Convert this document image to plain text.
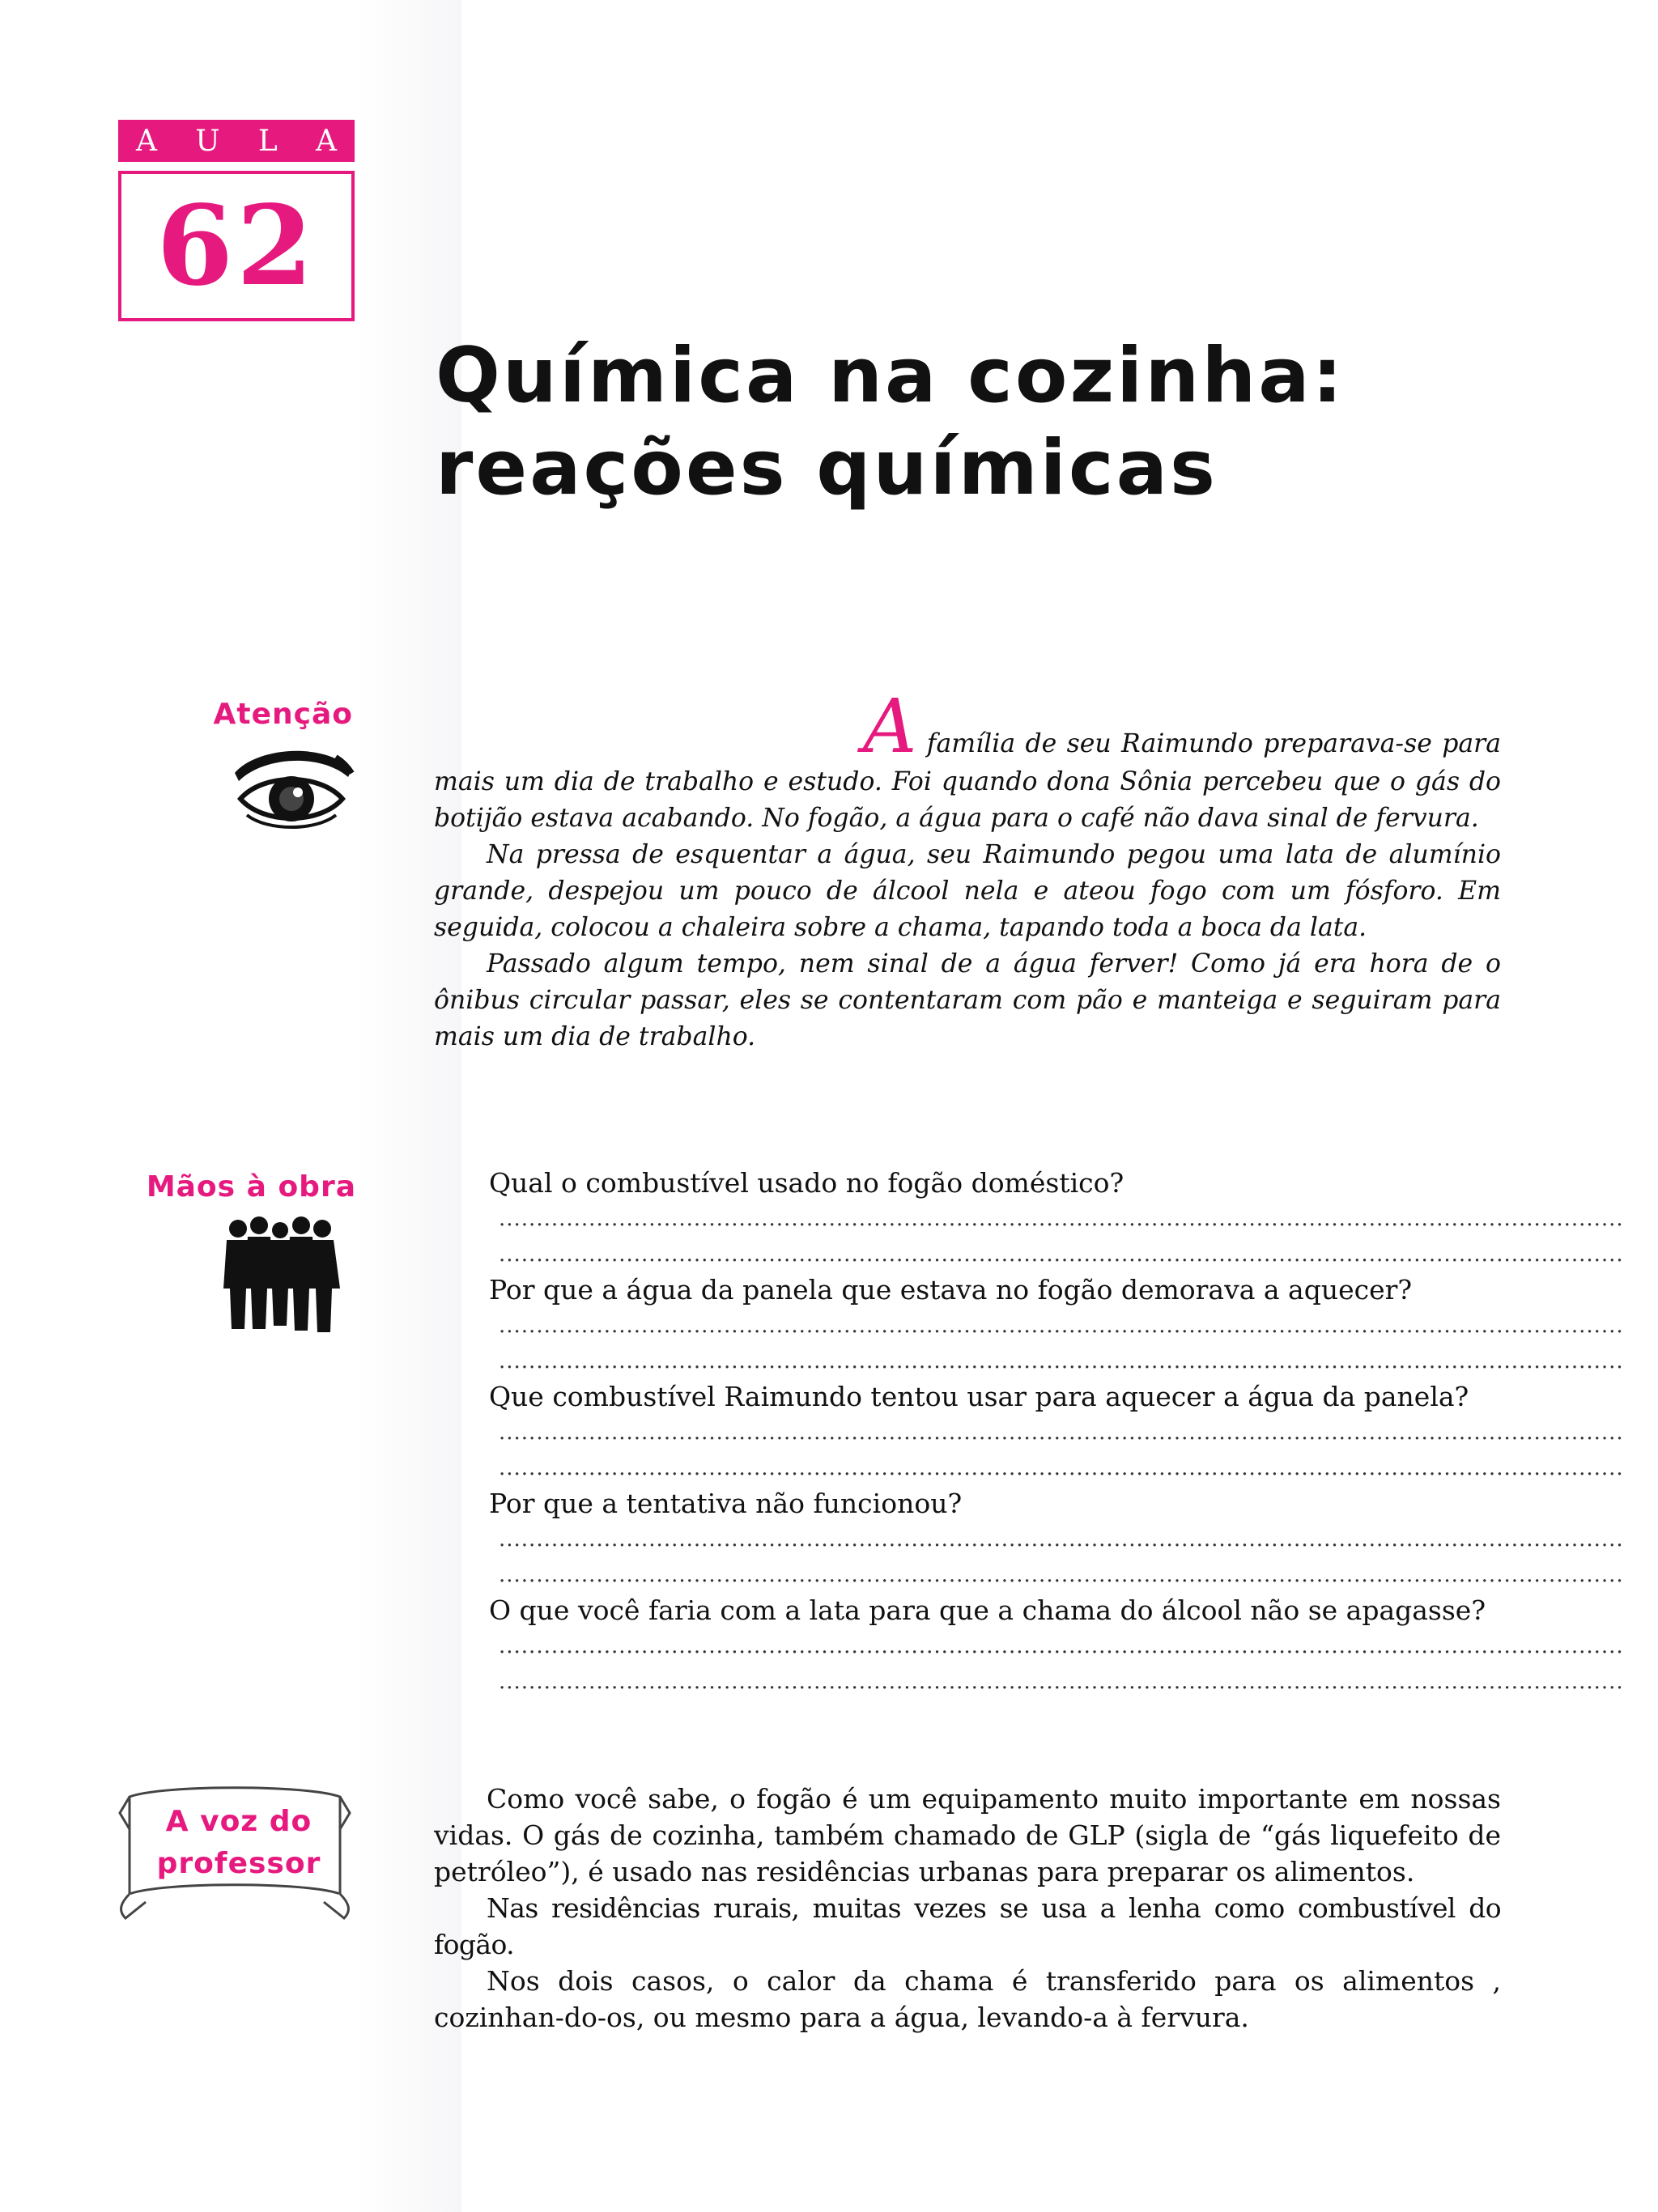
A U L A
62
Química na cozinha:
reações químicas
Atenção	A família de seu Raimundo preparava-se para mais um dia de trabalho e estudo. Foi quando dona Sônia percebeu que o gás do botijão estava acabando. No fogão, a água para o café não dava sinal de fervura.

Na pressa de esquentar a água, seu Raimundo pegou uma lata de alumínio grande, despejou um pouco de álcool nela e ateou fogo com um fósforo. Em seguida, colocou a chaleira sobre a chama, tapando toda a boca da lata.

Passado algum tempo, nem sinal de a água ferver! Como já era hora de o ônibus circular passar, eles se contentaram com pão e manteiga e seguiram para mais um dia de trabalho.

Mãos à obra	Qual o combustível usado no fogão doméstico?

......................................................................................................................................................

......................................................................................................................................................

Por que a água da panela que estava no fogão demorava a aquecer?

......................................................................................................................................................

......................................................................................................................................................

Que combustível Raimundo tentou usar para aquecer a água da panela?

......................................................................................................................................................

......................................................................................................................................................

Por que a tentativa não funcionou?

......................................................................................................................................................

......................................................................................................................................................

O que você faria com a lata para que a chama do álcool não se apagasse?

......................................................................................................................................................

......................................................................................................................................................

A voz do
professor

Como você sabe, o fogão é um equipamento muito importante em nossas vidas. O gás de cozinha, também chamado de GLP (sigla de “gás liquefeito de petróleo”), é usado nas residências urbanas para preparar os alimentos.

Nas residências rurais, muitas vezes se usa a lenha como combustível do fogão.

Nos dois casos, o calor da chama é transferido para os alimentos , cozinhan-do-os, ou mesmo para a água, levando-a à fervura.
